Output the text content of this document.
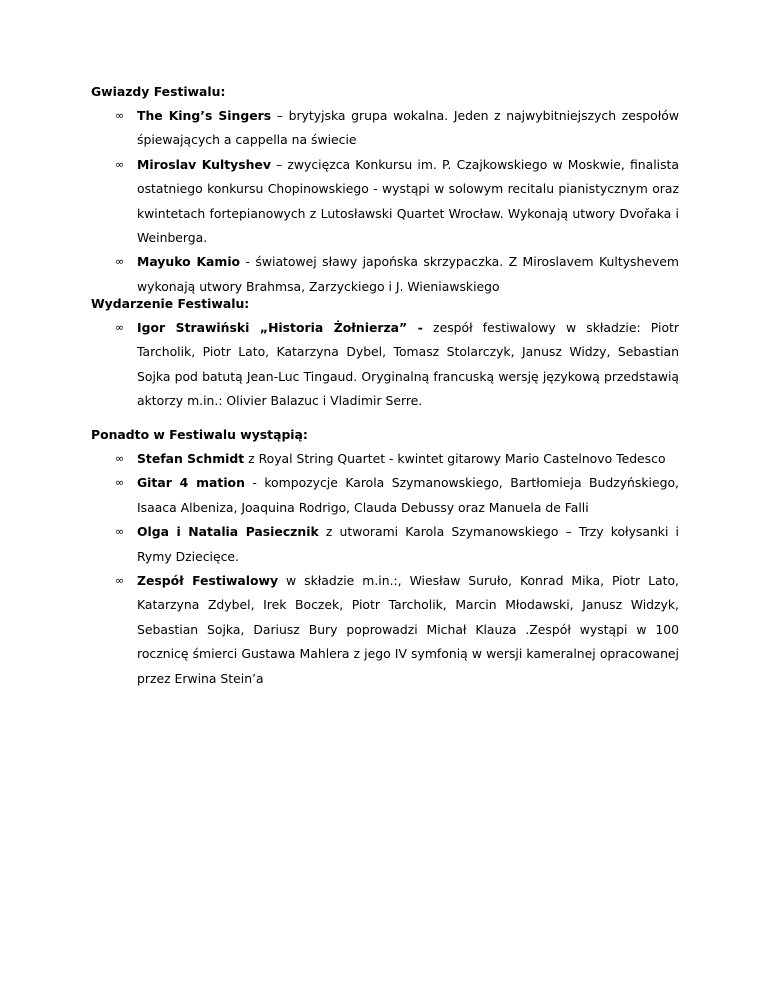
Gwiazdy Festiwalu:

∞ The King’s Singers – brytyjska grupa wokalna. Jeden z najwybitniejszych zespołów śpiewających a cappella na świecie
∞ Miroslav Kultyshev – zwycięzca Konkursu im. P. Czajkowskiego w Moskwie, finalista ostatniego konkursu Chopinowskiego - wystąpi w solowym recitalu pianistycznym oraz kwintetach fortepianowych z Lutosławski Quartet Wrocław. Wykonają utwory Dvořaka i Weinberga.
∞ Mayuko Kamio - światowej sławy japońska skrzypaczka. Z Miroslavem Kultyshevem wykonają utwory Brahmsa, Zarzyckiego i J. Wieniawskiego

Wydarzenie Festiwalu:

∞ Igor Strawiński „Historia Żołnierza” - zespół festiwalowy w składzie: Piotr Tarcholik, Piotr Lato, Katarzyna Dybel, Tomasz Stolarczyk, Janusz Widzy, Sebastian Sojka pod batutą Jean-Luc Tingaud. Oryginalną francuską wersję językową przedstawią aktorzy m.in.: Olivier Balazuc i Vladimir Serre.

Ponadto w Festiwalu wystąpią:

∞ Stefan Schmidt z Royal String Quartet - kwintet gitarowy Mario Castelnovo Tedesco
∞ Gitar 4 mation - kompozycje Karola Szymanowskiego, Bartłomieja Budzyńskiego, Isaaca Albeniza, Joaquina Rodrigo, Clauda Debussy oraz Manuela de Falli
∞ Olga i Natalia Pasiecznik z utworami Karola Szymanowskiego – Trzy kołysanki i Rymy Dziecięce.
∞ Zespół Festiwalowy w składzie m.in.:, Wiesław Suruło, Konrad Mika, Piotr Lato, Katarzyna Zdybel, Irek Boczek, Piotr Tarcholik, Marcin Młodawski, Janusz Widzyk, Sebastian Sojka, Dariusz Bury poprowadzi Michał Klauza .Zespół wystąpi w 100 rocznicę śmierci Gustawa Mahlera z jego IV symfonią w wersji kameralnej opracowanej przez Erwina Stein’a
